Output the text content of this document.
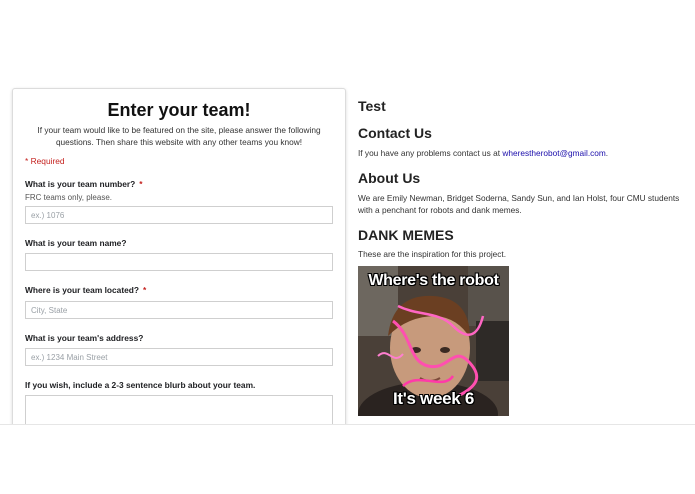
Enter your team!
If your team would like to be featured on the site, please answer the following questions. Then share this website with any other teams you know!
* Required
What is your team number? *
FRC teams only, please.
ex.) 1076
What is your team name?
Where is your team located? *
City, State
What is your team's address?
ex.) 1234 Main Street
If you wish, include a 2-3 sentence blurb about your team.
Test
Contact Us
If you have any problems contact us at wherestherobot@gmail.com.
About Us
We are Emily Newman, Bridget Soderna, Sandy Sun, and Ian Holst, four CMU students with a penchant for robots and dank memes.
DANK MEMES
These are the inspiration for this project.
Where's the robot
It's week 6
